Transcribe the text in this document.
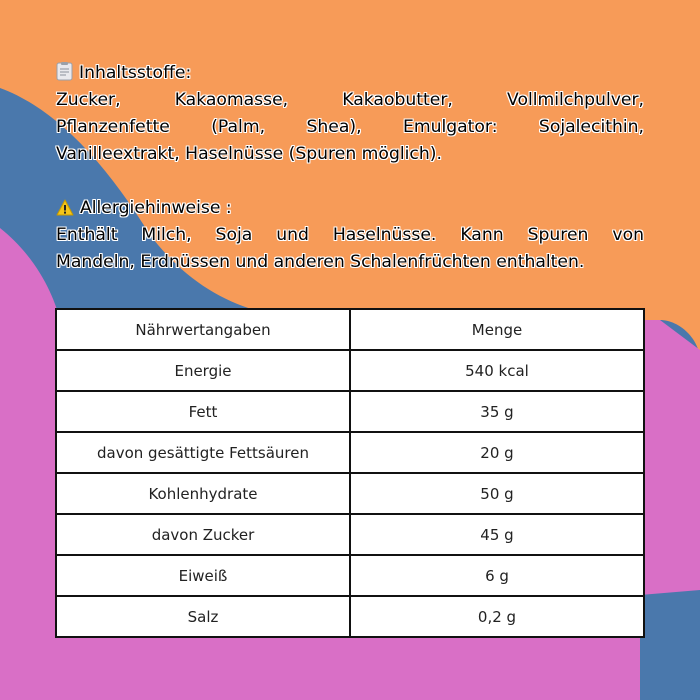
Inhaltsstoffe:
Zucker,	Kakaomasse,	Kakaobutter,	Vollmilchpulver,
Pflanzenfette (Palm, Shea), Emulgator: Sojalecithin,
Vanilleextrakt, Haselnüsse (Spuren möglich).
Allergiehinweise :
Enthält Milch, Soja und Haselnüsse. Kann Spuren von
Mandeln, Erdnüssen und anderen Schalenfrüchten enthalten.
Nährwertangaben	Menge
Energie	540 kcal
Fett	35 g
davon gesättigte Fettsäuren	20 g
Kohlenhydrate	50 g
davon Zucker	45 g
Eiweiß	6 g
Salz	0,2 g
